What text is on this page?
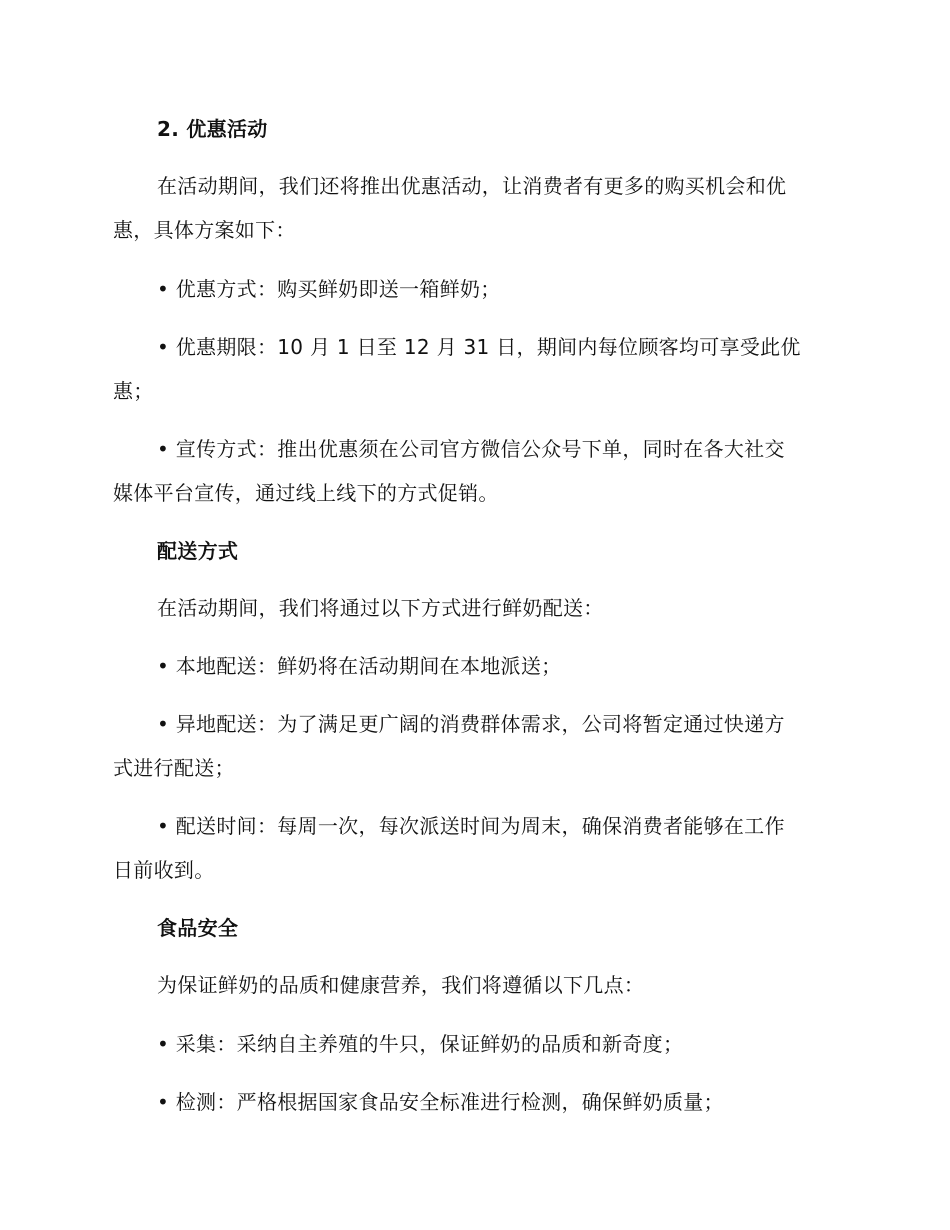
2. 优惠活动
在活动期间，我们还将推出优惠活动，让消费者有更多的购买机会和优
惠，具体方案如下：
• 优惠方式：购买鲜奶即送一箱鲜奶；
• 优惠期限：10 月 1 日至 12 月 31 日，期间内每位顾客均可享受此优
惠；
• 宣传方式：推出优惠须在公司官方微信公众号下单，同时在各大社交
媒体平台宣传，通过线上线下的方式促销。
配送方式
在活动期间，我们将通过以下方式进行鲜奶配送：
• 本地配送：鲜奶将在活动期间在本地派送；
• 异地配送：为了满足更广阔的消费群体需求，公司将暂定通过快递方
式进行配送；
• 配送时间：每周一次，每次派送时间为周末，确保消费者能够在工作
日前收到。
食品安全
为保证鲜奶的品质和健康营养，我们将遵循以下几点：
• 采集：采纳自主养殖的牛只，保证鲜奶的品质和新奇度；
• 检测：严格根据国家食品安全标准进行检测，确保鲜奶质量；
